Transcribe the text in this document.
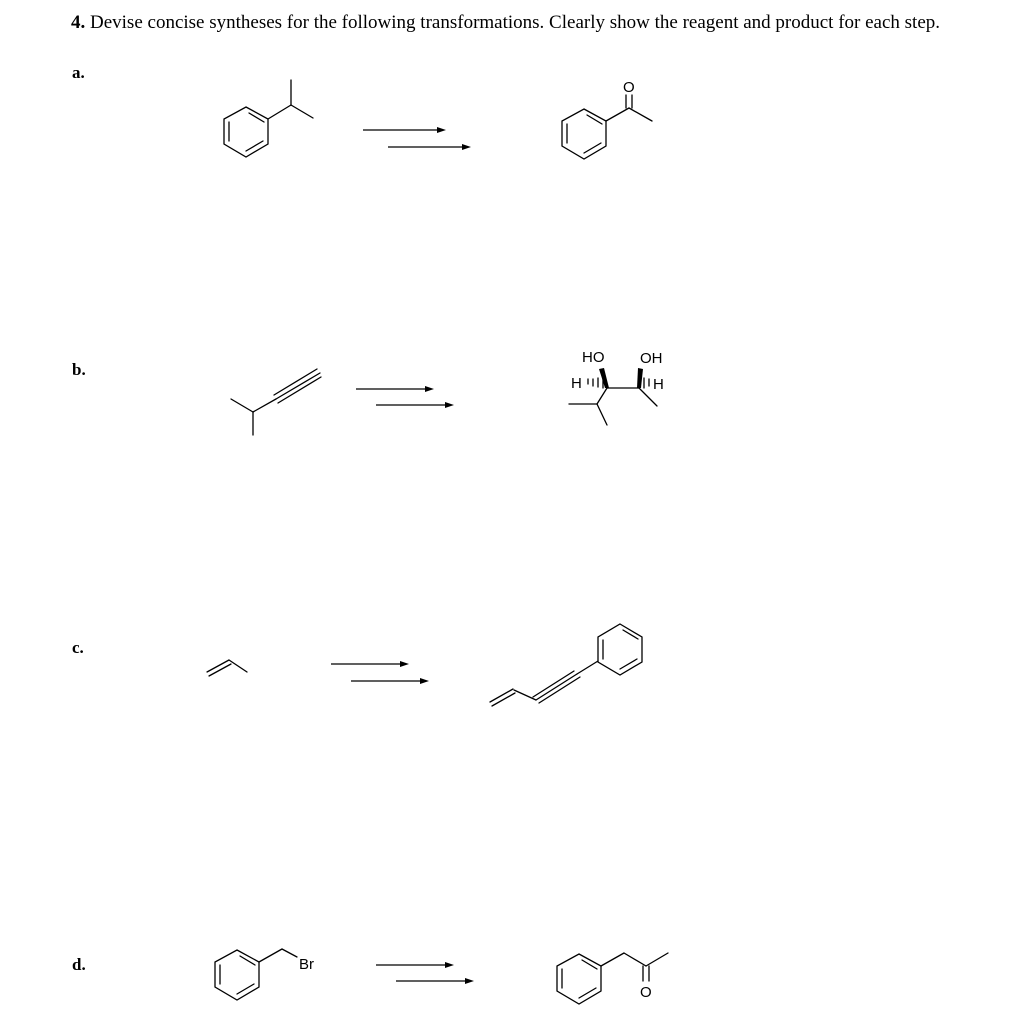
4. Devise concise syntheses for the following transformations. Clearly show the reagent and product for each step.
a.
b.
c.
d.
O
HO OH
H	H
Br
O
